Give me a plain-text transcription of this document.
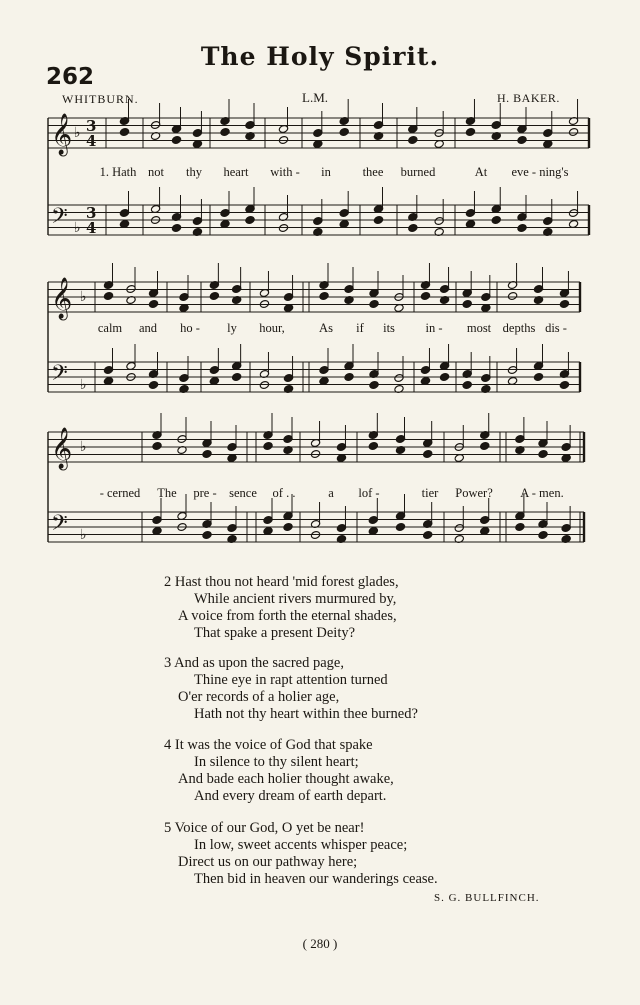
The Holy Spirit.
262
WHITBURN.	L.M.	H. BAKER.
𝄞 ♭
𝄢 ♭
3
4
3
4
𝄞 ♭
𝄢 ♭
𝄞 ♭
𝄢 ♭
1. Hath not thy heart with - in	thee burned	At eve - ning's
calm and ho - ly hour,	As if its in - most depths dis -
- cerned The pre - sence of . .	a lof -	tier Power? A - men.
2 Hast thou not heard 'mid forest glades,
While ancient rivers murmured by,
A voice from forth the eternal shades,
That spake a present Deity?
3 And as upon the sacred page,
Thine eye in rapt attention turned
O'er records of a holier age,
Hath not thy heart within thee burned?
4 It was the voice of God that spake
In silence to thy silent heart;
And bade each holier thought awake,
And every dream of earth depart.
5 Voice of our God, O yet be near!
In low, sweet accents whisper peace;
Direct us on our pathway here;
Then bid in heaven our wanderings cease.
S. G. BULLFINCH.
( 280 )
